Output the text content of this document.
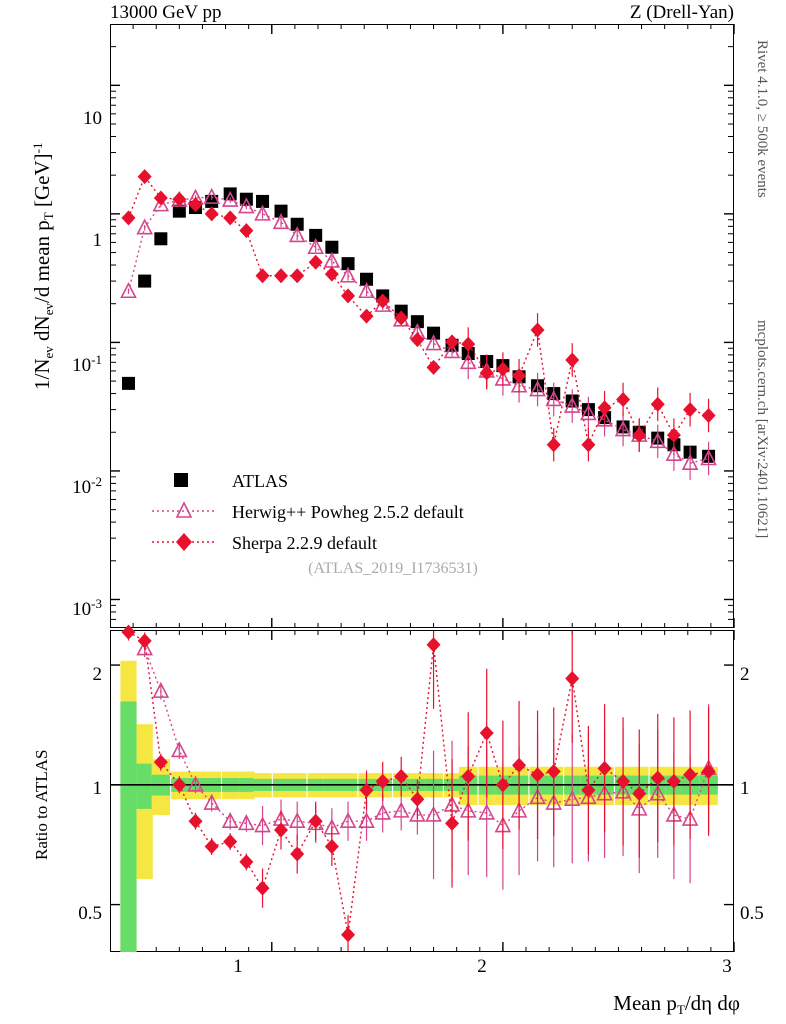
13000 GeV pp	Z (Drell-Yan)
1/Nev dNev/d mean pT [GeV]$^{-1}$	Rivet 4.1.0, ≥ 500k events
mcplots.cern.ch [arXiv:2401.10621]
10
1
$10^{-1}$
$10^{-2}$
$10^{-3}$
Ratio to ATLAS
2
1
0.5
2
1
0.5
1	2	3
Mean pT/dη dφ
ATLAS
Herwig++ Powheg 2.5.2 default
Sherpa 2.2.9 default
(ATLAS_2019_I1736531)
